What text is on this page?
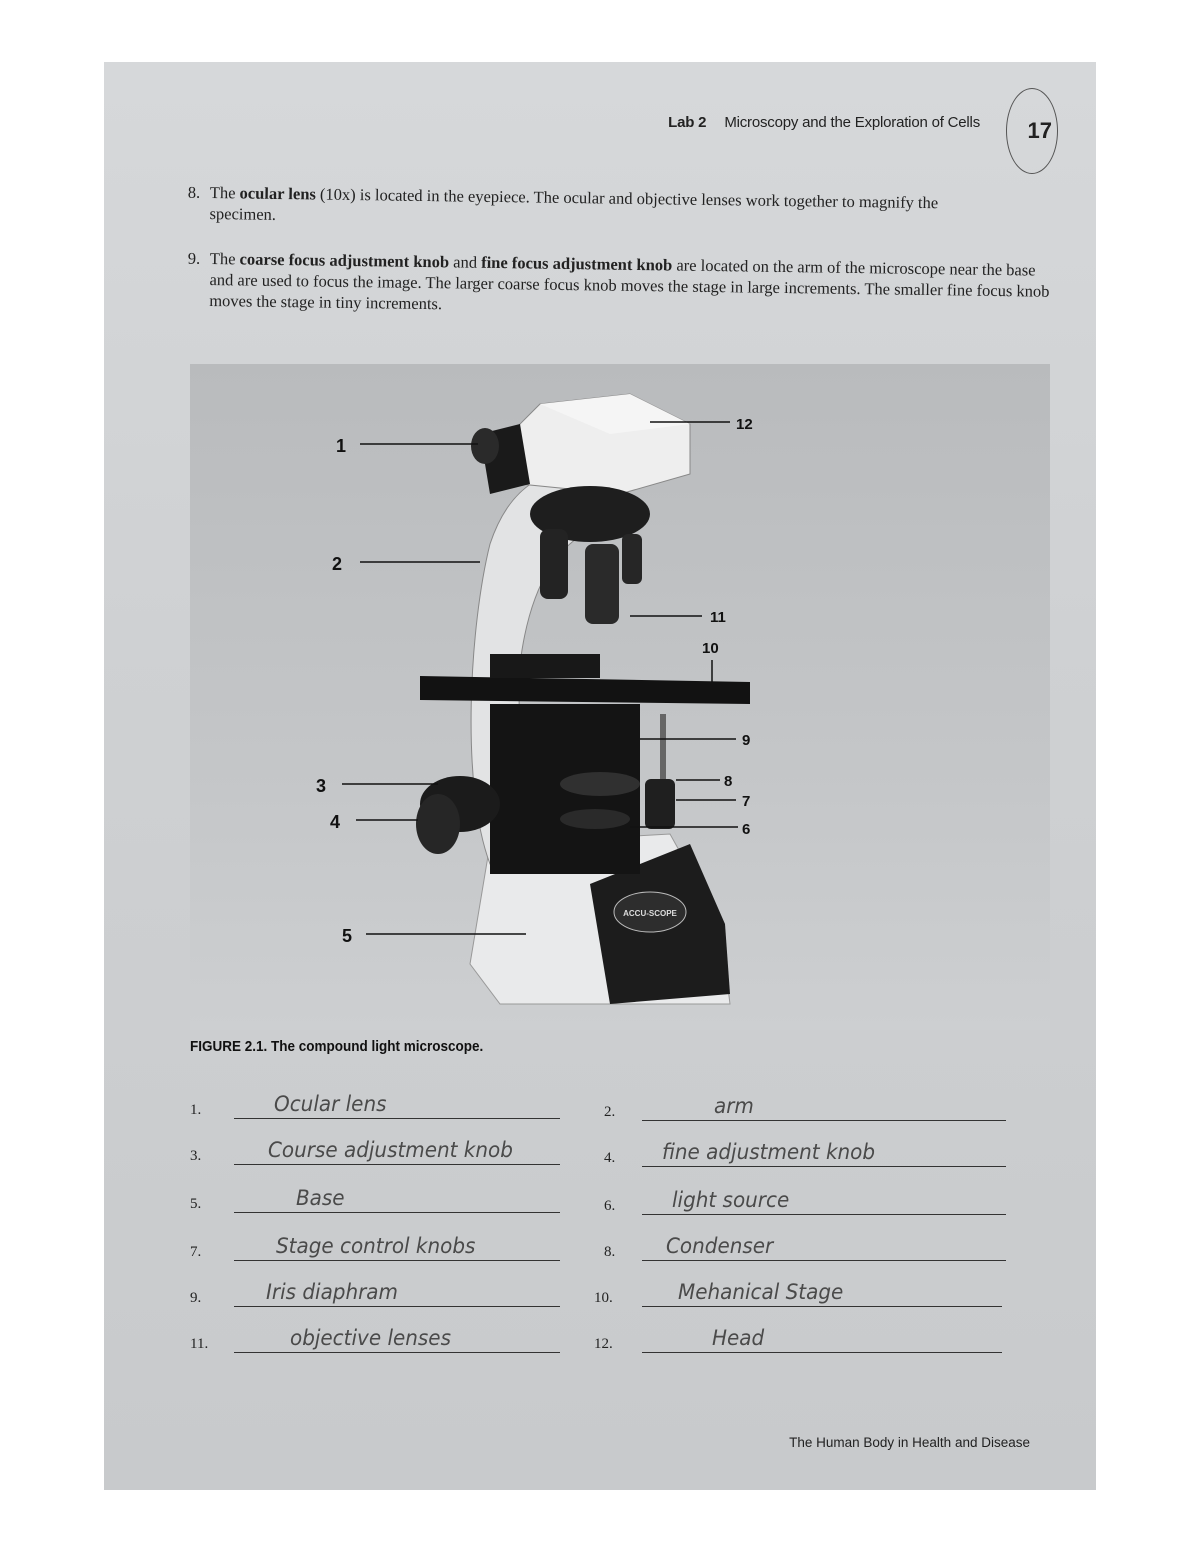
Lab 2 Microscopy and the Exploration of Cells 17
8. The ocular lens (10x) is located in the eyepiece. The ocular and objective lenses work together to magnify the specimen.
9. The coarse focus adjustment knob and fine focus adjustment knob are located on the arm of the microscope near the base and are used to focus the image. The larger coarse focus knob moves the stage in large increments. The smaller fine focus knob moves the stage in tiny increments.
ACCU-SCOPE
1
2
3
4
5
6
7
8
9
10
11
12
FIGURE 2.1. The compound light microscope.
1.	Ocular lens	2.	arm
3.	Course adjustment knob	4. fine adjustment knob
5.	Base	6.	light source
7.	Stage control knobs	8. Condenser
9.	Iris diaphram	10.	Mehanical Stage
11.	objective lenses	12.	Head
The Human Body in Health and Disease
